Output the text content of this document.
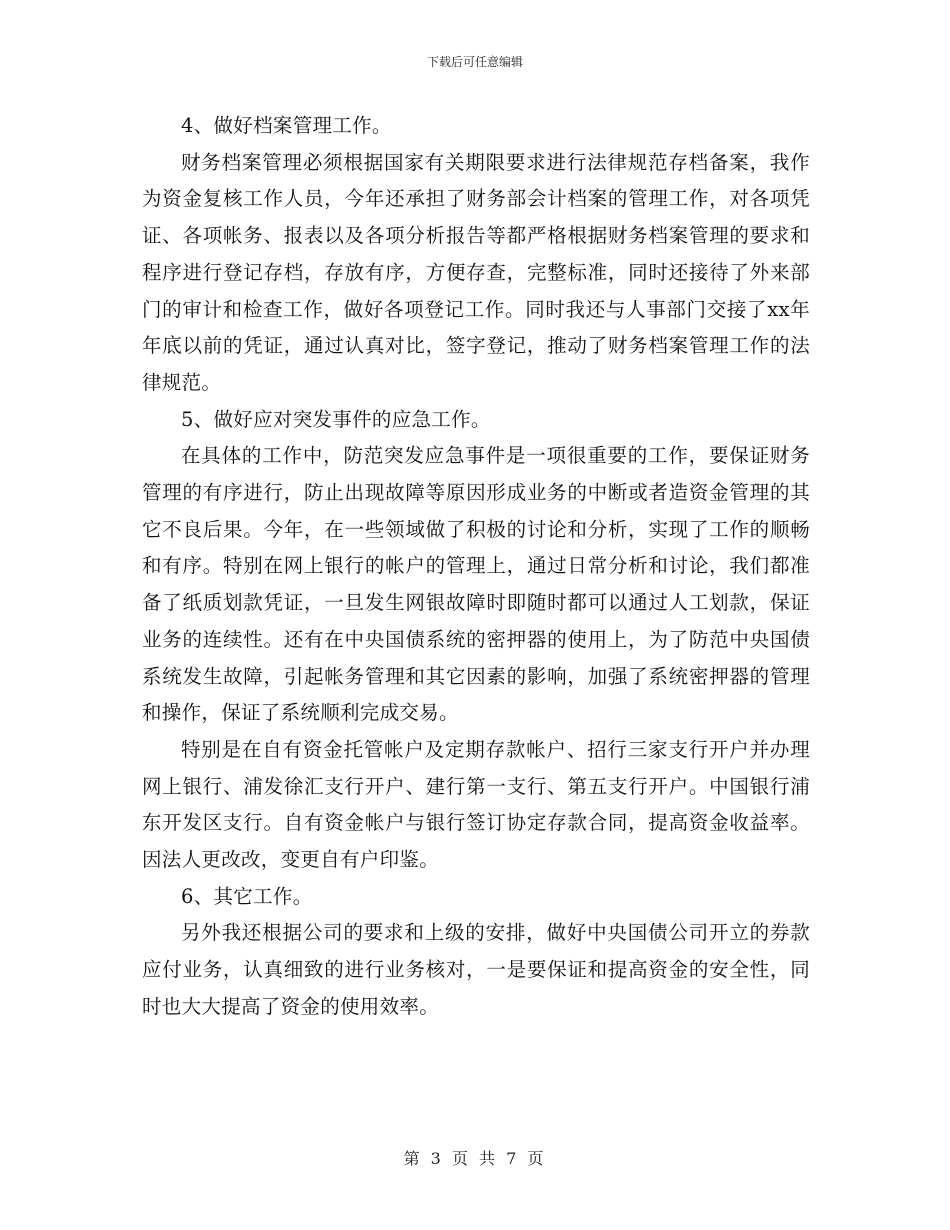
下载后可任意编辑

4、做好档案管理工作。

财务档案管理必须根据国家有关期限要求进行法律规范存档备案，我作为资金复核工作人员，今年还承担了财务部会计档案的管理工作，对各项凭证、各项帐务、报表以及各项分析报告等都严格根据财务档案管理的要求和程序进行登记存档，存放有序，方便存查，完整标准，同时还接待了外来部门的审计和检查工作，做好各项登记工作。同时我还与人事部门交接了xx年年底以前的凭证，通过认真对比，签字登记，推动了财务档案管理工作的法律规范。

5、做好应对突发事件的应急工作。

在具体的工作中，防范突发应急事件是一项很重要的工作，要保证财务管理的有序进行，防止出现故障等原因形成业务的中断或者造资金管理的其它不良后果。今年，在一些领域做了积极的讨论和分析，实现了工作的顺畅和有序。特别在网上银行的帐户的管理上，通过日常分析和讨论，我们都准备了纸质划款凭证，一旦发生网银故障时即随时都可以通过人工划款，保证业务的连续性。还有在中央国债系统的密押器的使用上，为了防范中央国债系统发生故障，引起帐务管理和其它因素的影响，加强了系统密押器的管理和操作，保证了系统顺利完成交易。

特别是在自有资金托管帐户及定期存款帐户、招行三家支行开户并办理网上银行、浦发徐汇支行开户、建行第一支行、第五支行开户。中国银行浦东开发区支行。自有资金帐户与银行签订协定存款合同，提高资金收益率。因法人更改改，变更自有户印鉴。

6、其它工作。

另外我还根据公司的要求和上级的安排，做好中央国债公司开立的券款应付业务，认真细致的进行业务核对，一是要保证和提高资金的安全性，同时也大大提高了资金的使用效率。

第 3 页 共 7 页
